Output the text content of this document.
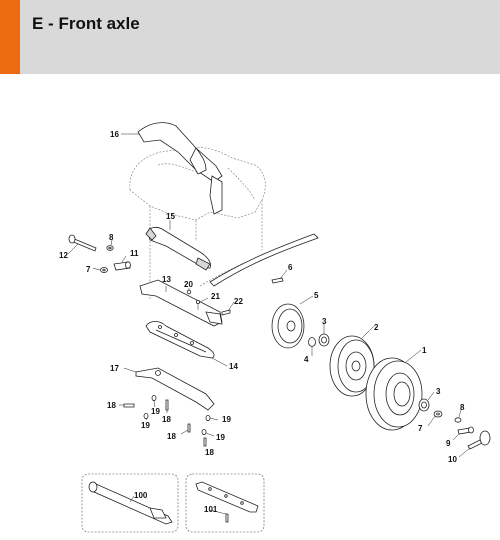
E - Front axle
16
15
8
12
7
11
6
13
20
21
22
5
3
4
2
1
14
17
18
19
19
18
18
19
19
18
3
8
7
9
10
100
101
